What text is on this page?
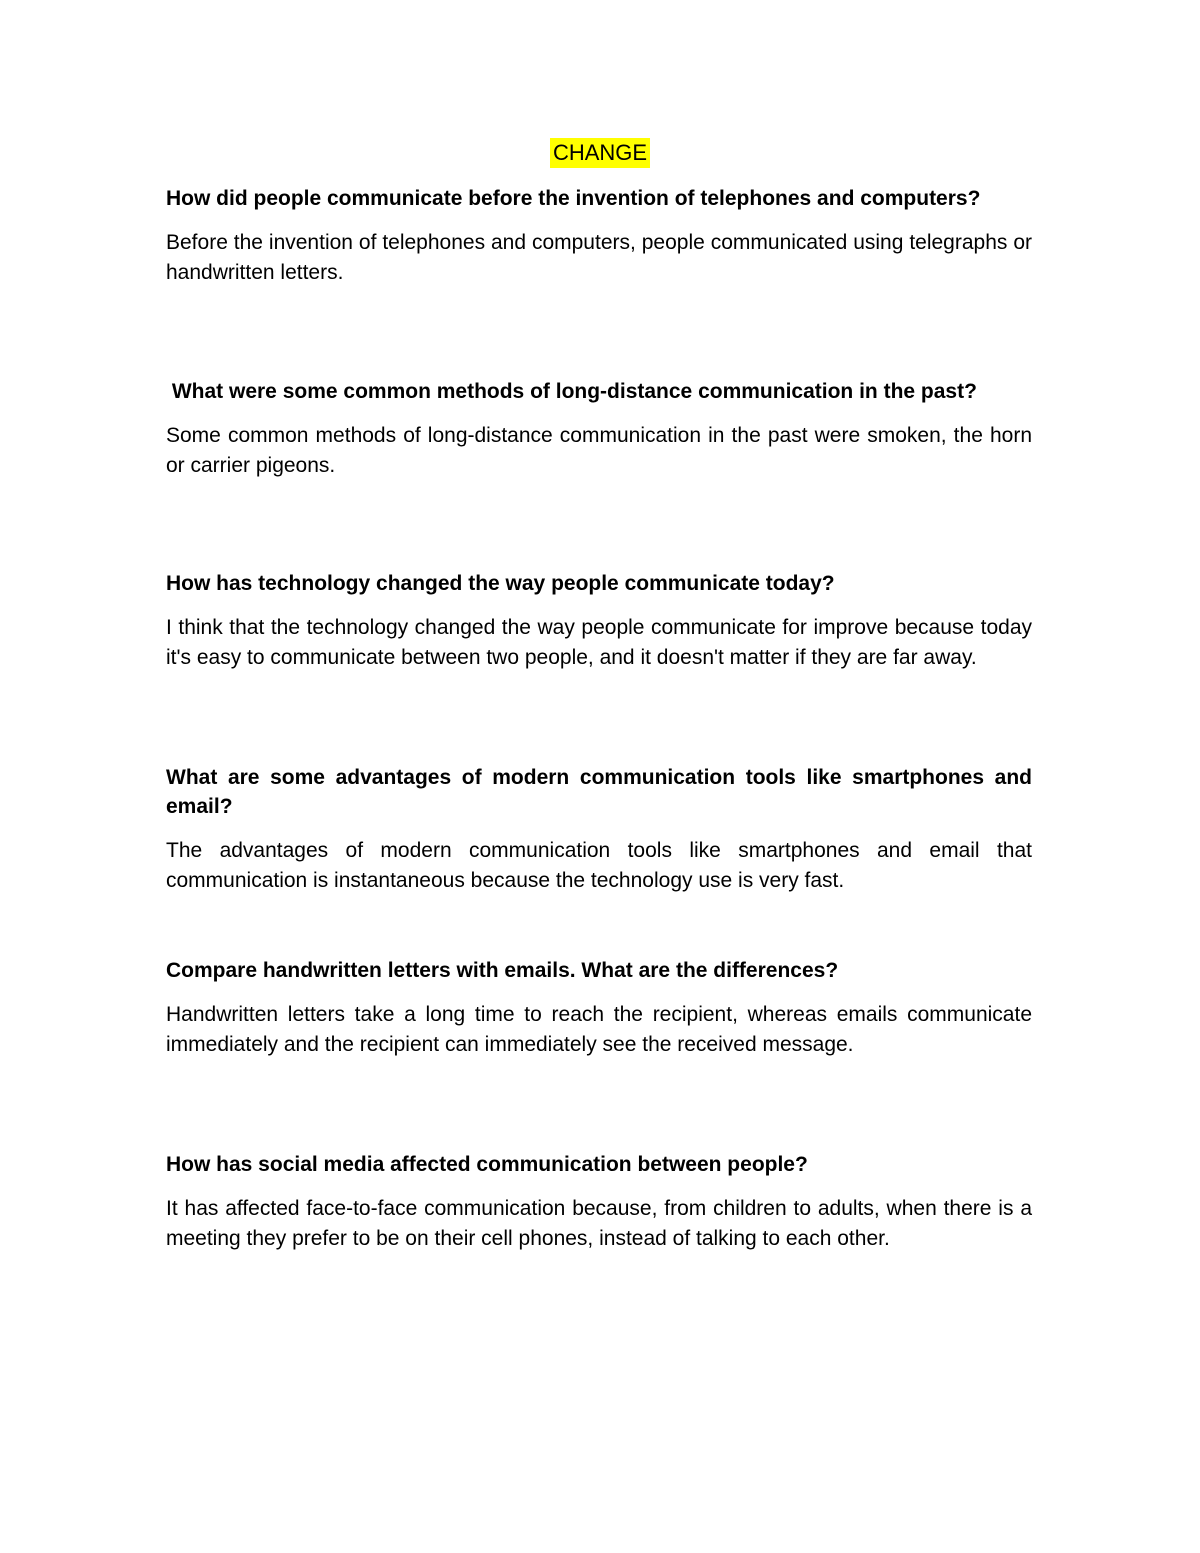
CHANGE

How did people communicate before the invention of telephones and computers?

Before the invention of telephones and computers, people communicated using telegraphs or handwritten letters.

What were some common methods of long-distance communication in the past?

Some common methods of long-distance communication in the past were smoken, the horn or carrier pigeons.

How has technology changed the way people communicate today?

I think that the technology changed the way people communicate for improve because today it's easy to communicate between two people, and it doesn't matter if they are far away.

What are some advantages of modern communication tools like smartphones and email?

The advantages of modern communication tools like smartphones and email that communication is instantaneous because the technology use is very fast.

Compare handwritten letters with emails. What are the differences?

Handwritten letters take a long time to reach the recipient, whereas emails communicate immediately and the recipient can immediately see the received message.

How has social media affected communication between people?

It has affected face-to-face communication because, from children to adults, when there is a meeting they prefer to be on their cell phones, instead of talking to each other.
